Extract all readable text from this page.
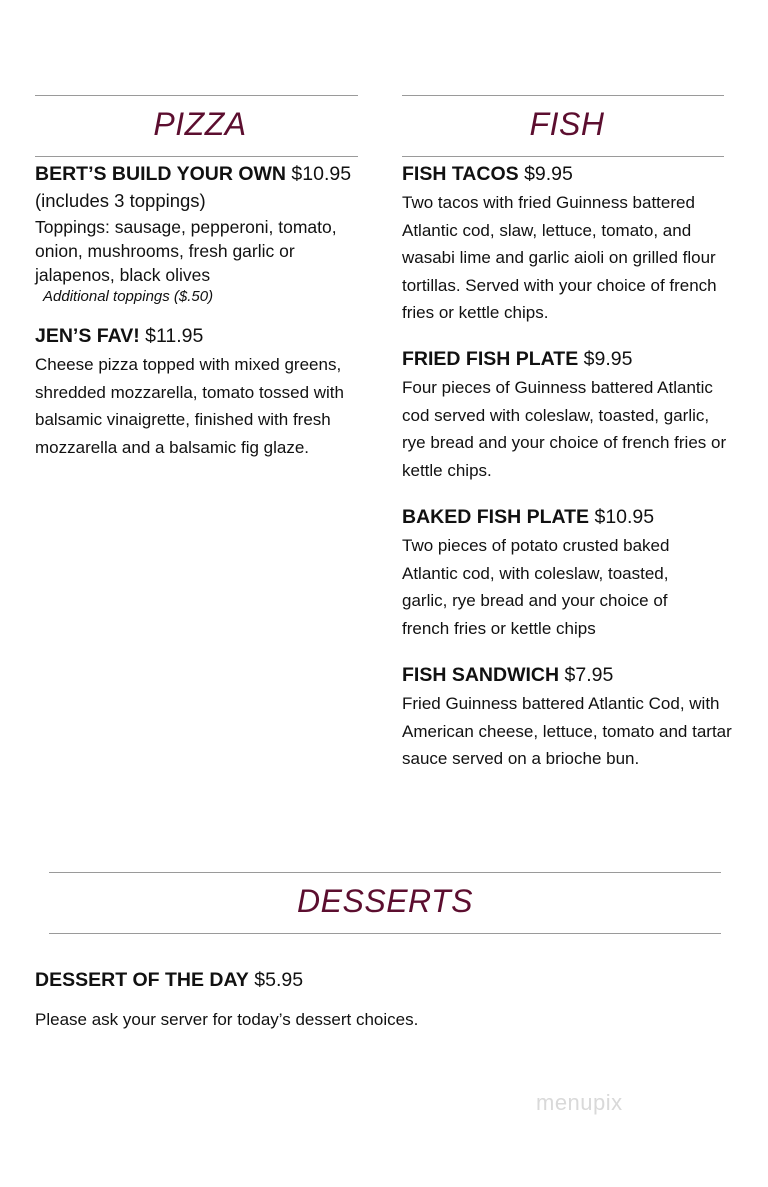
PIZZA

BERT’S BUILD YOUR OWN $10.95

(includes 3 toppings)
Toppings: sausage, pepperoni, tomato, onion, mushrooms, fresh garlic or jalapenos, black olives
Additional toppings ($.50)

JEN’S FAV! $11.95

Cheese pizza topped with mixed greens, shredded mozzarella, tomato tossed with balsamic vinaigrette, finished with fresh mozzarella and a balsamic fig glaze.
FISH

FISH TACOS $9.95

Two tacos with fried Guinness battered Atlantic cod, slaw, lettuce, tomato, and wasabi lime and garlic aioli on grilled flour tortillas. Served with your choice of french fries or kettle chips.

FRIED FISH PLATE $9.95

Four pieces of Guinness battered Atlantic cod served with coleslaw, toasted, garlic, rye bread and your choice of french fries or kettle chips.

BAKED FISH PLATE $10.95

Two pieces of potato crusted baked Atlantic cod, with coleslaw, toasted, garlic, rye bread and your choice of french fries or kettle chips

FISH SANDWICH $7.95

Fried Guinness battered Atlantic Cod, with American cheese, lettuce, tomato and tartar sauce served on a brioche bun.
DESSERTS

DESSERT OF THE DAY $5.95

Please ask your server for today’s dessert choices.
menupix
